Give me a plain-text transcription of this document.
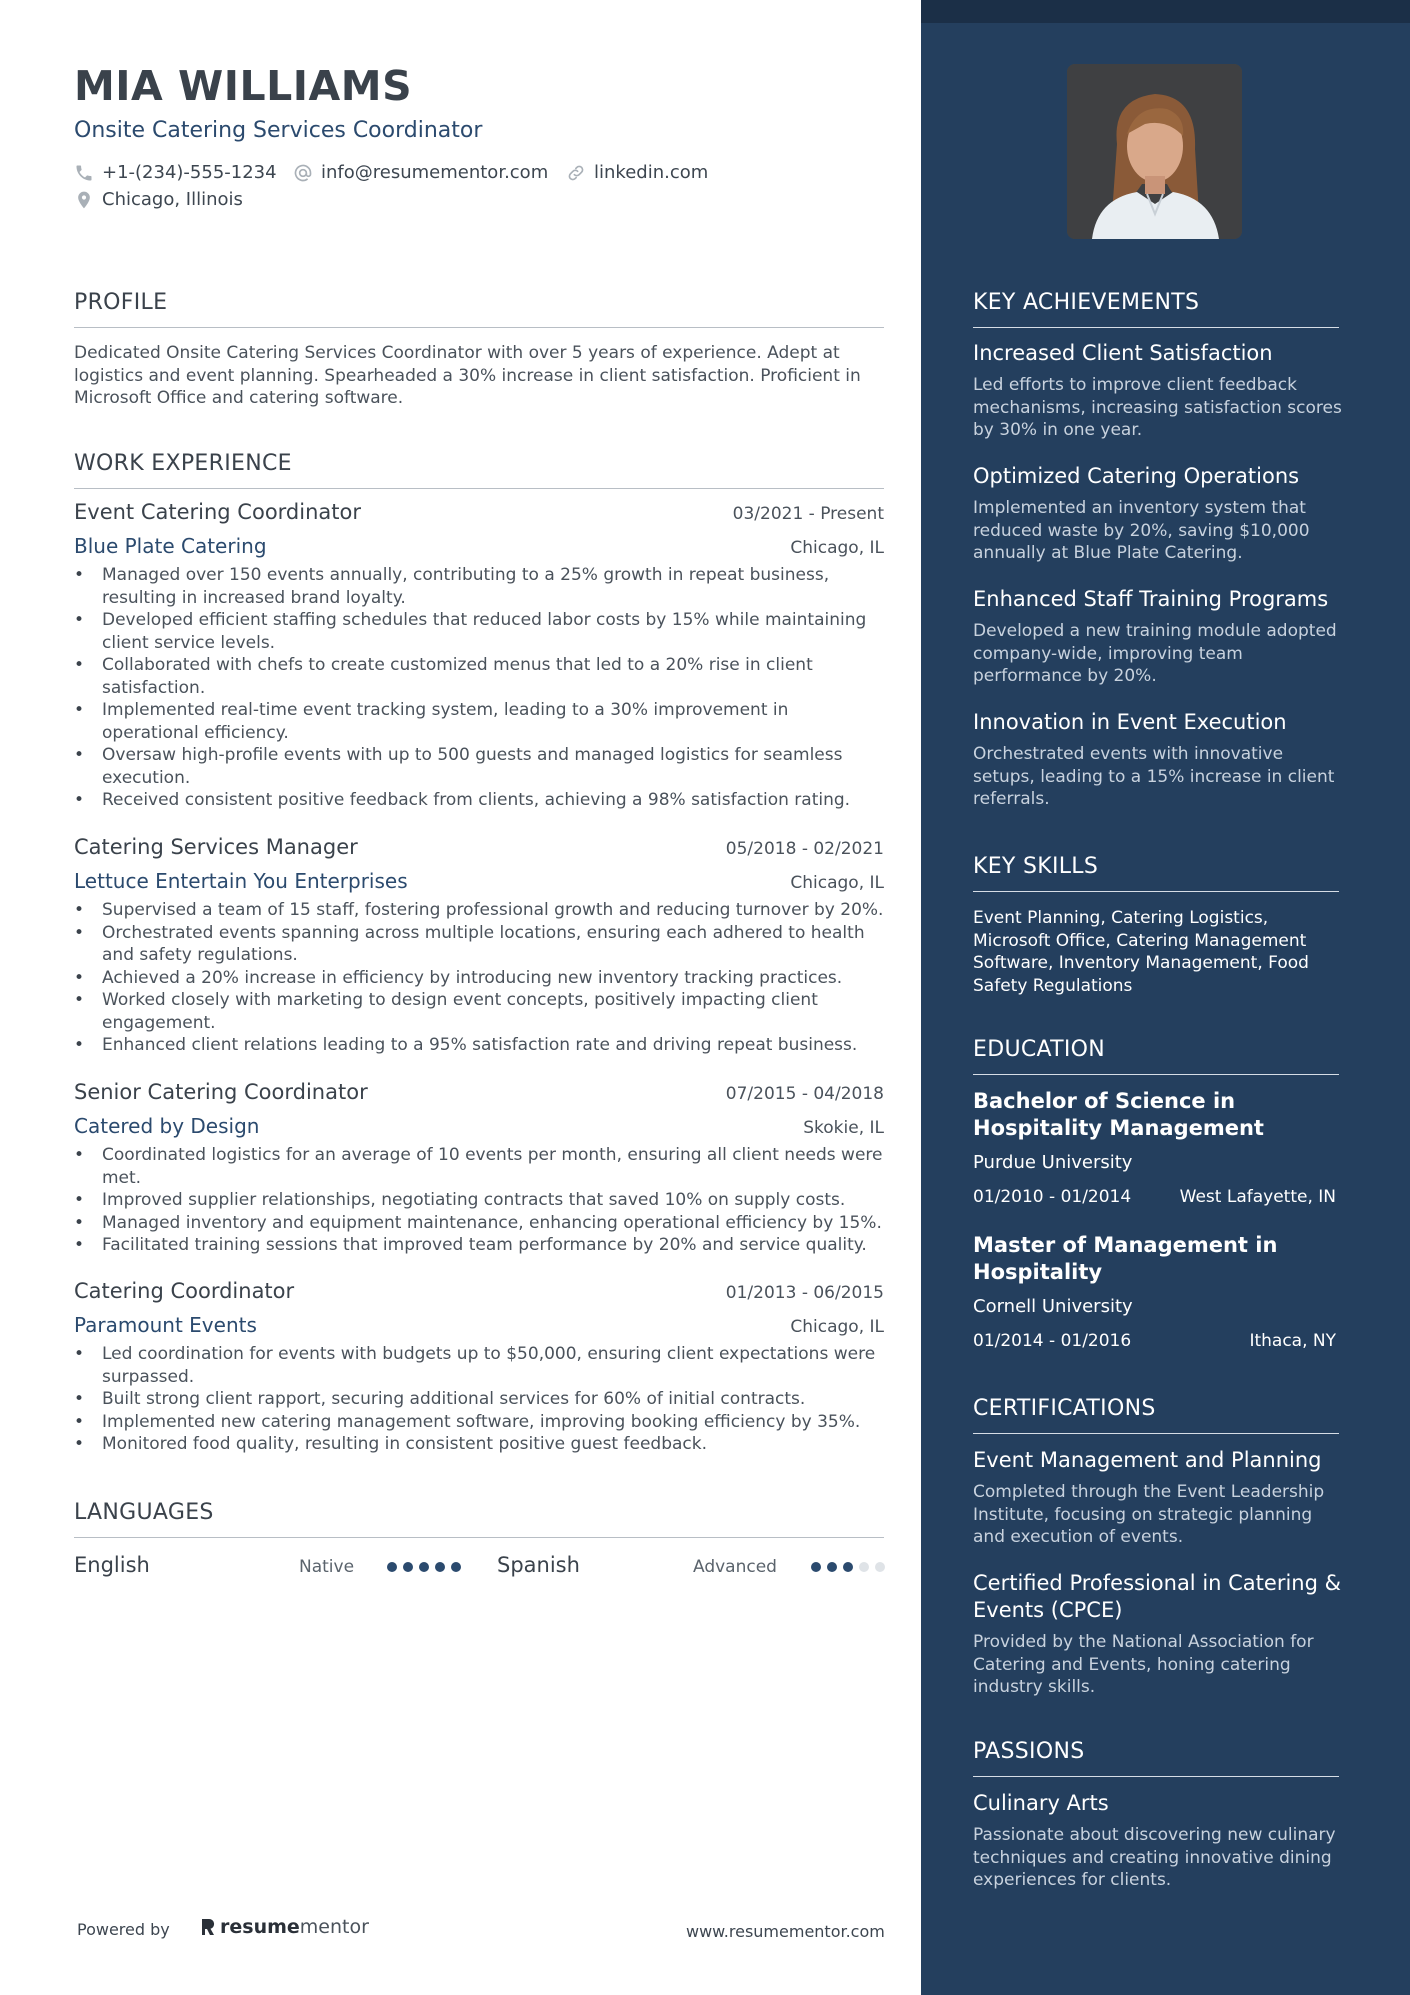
MIA WILLIAMS
Onsite Catering Services Coordinator
+1-(234)-555-1234 info@resumementor.com	linkedin.com
Chicago, Illinois
PROFILE
Dedicated Onsite Catering Services Coordinator with over 5 years of experience. Adept at logistics and event planning. Spearheaded a 30% increase in client satisfaction. Proficient in Microsoft Office and catering software.
WORK EXPERIENCE
Event Catering Coordinator	03/2021 - Present
Blue Plate Catering	Chicago, IL
• Managed over 150 events annually, contributing to a 25% growth in repeat business, resulting in increased brand loyalty.
• Developed efficient staffing schedules that reduced labor costs by 15% while maintaining client service levels.
• Collaborated with chefs to create customized menus that led to a 20% rise in client satisfaction.
• Implemented real-time event tracking system, leading to a 30% improvement in operational efficiency.
• Oversaw high-profile events with up to 500 guests and managed logistics for seamless execution.
• Received consistent positive feedback from clients, achieving a 98% satisfaction rating.
Catering Services Manager	05/2018 - 02/2021
Lettuce Entertain You Enterprises	Chicago, IL
• Supervised a team of 15 staff, fostering professional growth and reducing turnover by 20%.
• Orchestrated events spanning across multiple locations, ensuring each adhered to health and safety regulations.
• Achieved a 20% increase in efficiency by introducing new inventory tracking practices.
• Worked closely with marketing to design event concepts, positively impacting client engagement.
• Enhanced client relations leading to a 95% satisfaction rate and driving repeat business.
Senior Catering Coordinator	07/2015 - 04/2018
Catered by Design	Skokie, IL
• Coordinated logistics for an average of 10 events per month, ensuring all client needs were met.
• Improved supplier relationships, negotiating contracts that saved 10% on supply costs.
• Managed inventory and equipment maintenance, enhancing operational efficiency by 15%.
• Facilitated training sessions that improved team performance by 20% and service quality.
Catering Coordinator	01/2013 - 06/2015
Paramount Events	Chicago, IL
• Led coordination for events with budgets up to $50,000, ensuring client expectations were surpassed.
• Built strong client rapport, securing additional services for 60% of initial contracts.
• Implemented new catering management software, improving booking efficiency by 35%.
• Monitored food quality, resulting in consistent positive guest feedback.
LANGUAGES
English	Native	Spanish	Advanced
Powered by	resume mentor	www.resumementor.com
KEY ACHIEVEMENTS
Increased Client Satisfaction
Led efforts to improve client feedback mechanisms, increasing satisfaction scores by 30% in one year.
Optimized Catering Operations
Implemented an inventory system that reduced waste by 20%, saving $10,000 annually at Blue Plate Catering.
Enhanced Staff Training Programs
Developed a new training module adopted company-wide, improving team performance by 20%.
Innovation in Event Execution
Orchestrated events with innovative setups, leading to a 15% increase in client referrals.
KEY SKILLS
Event Planning, Catering Logistics, Microsoft Office, Catering Management Software, Inventory Management, Food Safety Regulations
EDUCATION
Bachelor of Science in Hospitality Management
Purdue University
01/2010 - 01/2014	West Lafayette, IN
Master of Management in Hospitality
Cornell University
01/2014 - 01/2016	Ithaca, NY
CERTIFICATIONS
Event Management and Planning
Completed through the Event Leadership Institute, focusing on strategic planning and execution of events.
Certified Professional in Catering & Events (CPCE)
Provided by the National Association for Catering and Events, honing catering industry skills.
PASSIONS
Culinary Arts
Passionate about discovering new culinary techniques and creating innovative dining experiences for clients.
